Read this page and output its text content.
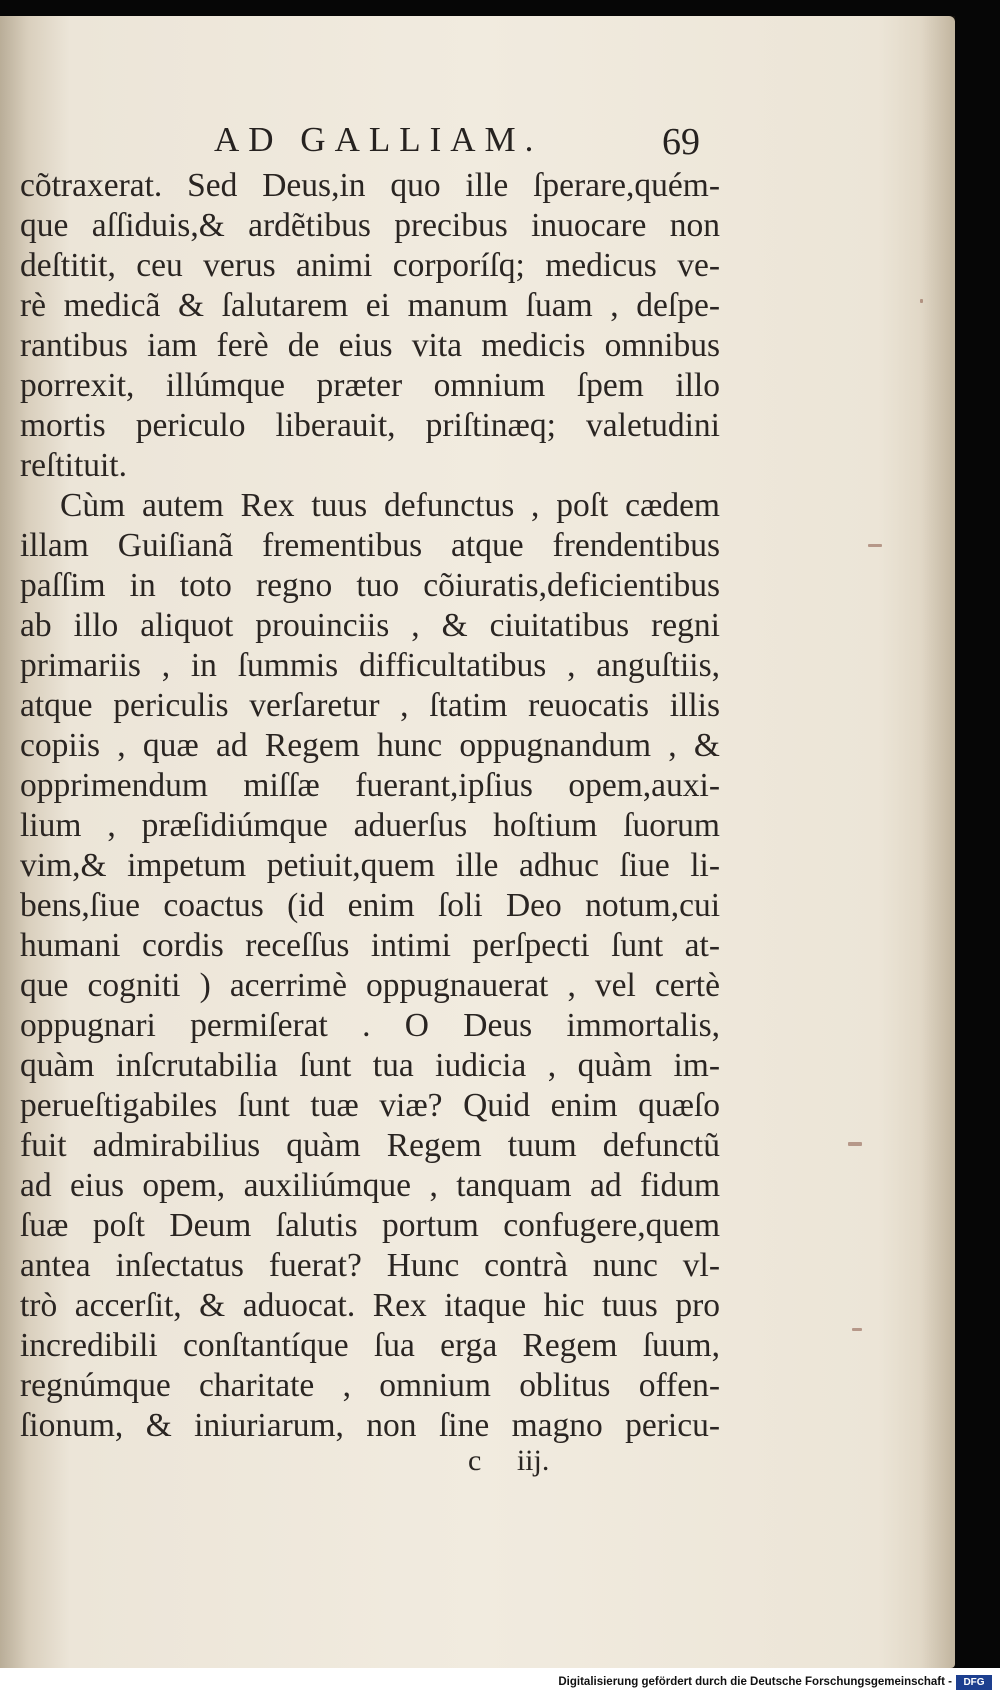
AD GALLIAM.	69
cõtraxerat. Sed Deus,in quo ille ſperare,quém-
que aſſiduis,& ardẽtibus precibus inuocare non
deſtitit, ceu verus animi corporíſq; medicus ve-
rè medicã & ſalutarem ei manum ſuam , deſpe-
rantibus iam ferè de eius vita medicis omnibus
porrexit, illúmque præter omnium ſpem illo
mortis periculo liberauit, priſtinæq; valetudini
reſtituit.
Cùm autem Rex tuus defunctus , poſt cædem
illam Guiſianã frementibus atque frendentibus
paſſim in toto regno tuo cõiuratis,deficientibus
ab illo aliquot prouinciis , & ciuitatibus regni
primariis , in ſummis difficultatibus , anguſtiis,
atque periculis verſaretur , ſtatim reuocatis illis
copiis , quæ ad Regem hunc oppugnandum , &
opprimendum miſſæ fuerant,ipſius opem,auxi-
lium , præſidiúmque aduerſus hoſtium ſuorum
vim,& impetum petiuit,quem ille adhuc ſiue li-
bens,ſiue coactus (id enim ſoli Deo notum,cui
humani cordis receſſus intimi perſpecti ſunt at-
que cogniti ) acerrimè oppugnauerat , vel certè
oppugnari permiſerat . O Deus immortalis,
quàm inſcrutabilia ſunt tua iudicia , quàm im-
perueſtigabiles ſunt tuæ viæ? Quid enim quæſo
fuit admirabilius quàm Regem tuum defunctũ
ad eius opem, auxiliúmque , tanquam ad fidum
ſuæ poſt Deum ſalutis portum confugere,quem
antea inſectatus fuerat? Hunc contrà nunc vl-
trò accerſit, & aduocat. Rex itaque hic tuus pro
incredibili conſtantíque ſua erga Regem ſuum,
regnúmque charitate , omnium oblitus offen-
ſionum, & iniuriarum, non ſine magno pericu-
c iij.
Digitalisierung gefördert durch die Deutsche Forschungsgemeinschaft -	DFG
